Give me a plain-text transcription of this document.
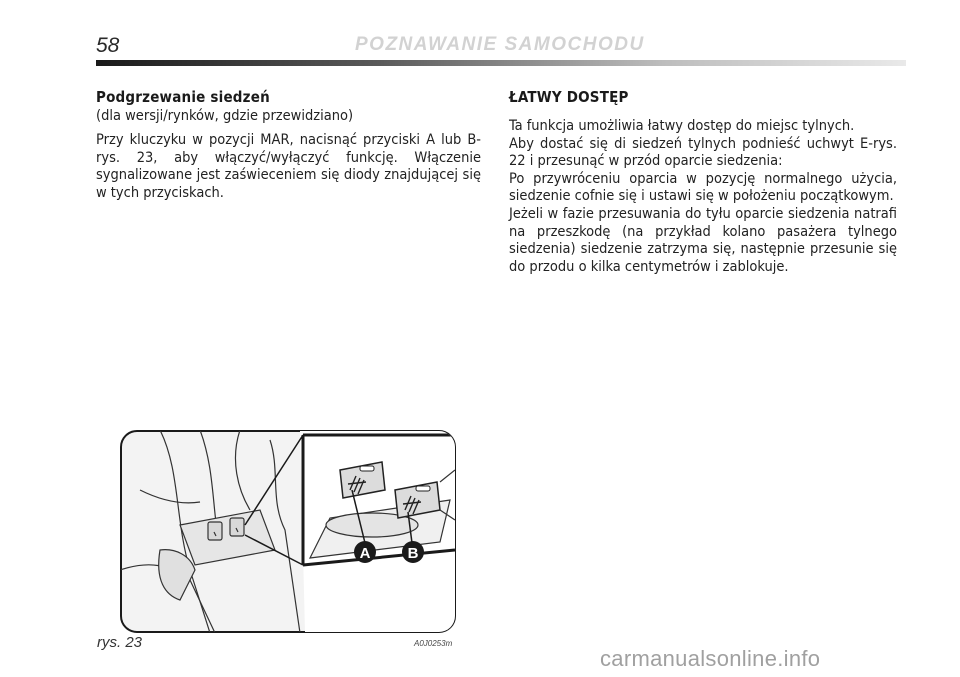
58	POZNAWANIE SAMOCHODU
Podgrzewanie siedzeń
(dla wersji/rynków, gdzie przewidziano)
Przy kluczyku w pozycji MAR, nacisnąć przyciski A lub B-rys. 23, aby włączyć/wyłączyć funkcję. Włączenie sygnalizowane jest zaświeceniem się diody znajdującej się w tych przyciskach.
ŁATWY DOSTĘP
Ta funkcja umożliwia łatwy dostęp do miejsc tylnych.
Aby dostać się di siedzeń tylnych podnieść uchwyt E-rys. 22 i przesunąć w przód oparcie siedzenia:
Po przywróceniu oparcia w pozycję normalnego użycia, siedzenie cofnie się i ustawi się w położeniu początkowym.
Jeżeli w fazie przesuwania do tyłu oparcie siedzenia natrafi na przeszkodę (na przykład kolano pasażera tylnego siedzenia) siedzenie zatrzyma się, następnie przesunie się do przodu o kilka centymetrów i zablokuje.
A B
rys. 23	A0J0253m
carmanualsonline.info
